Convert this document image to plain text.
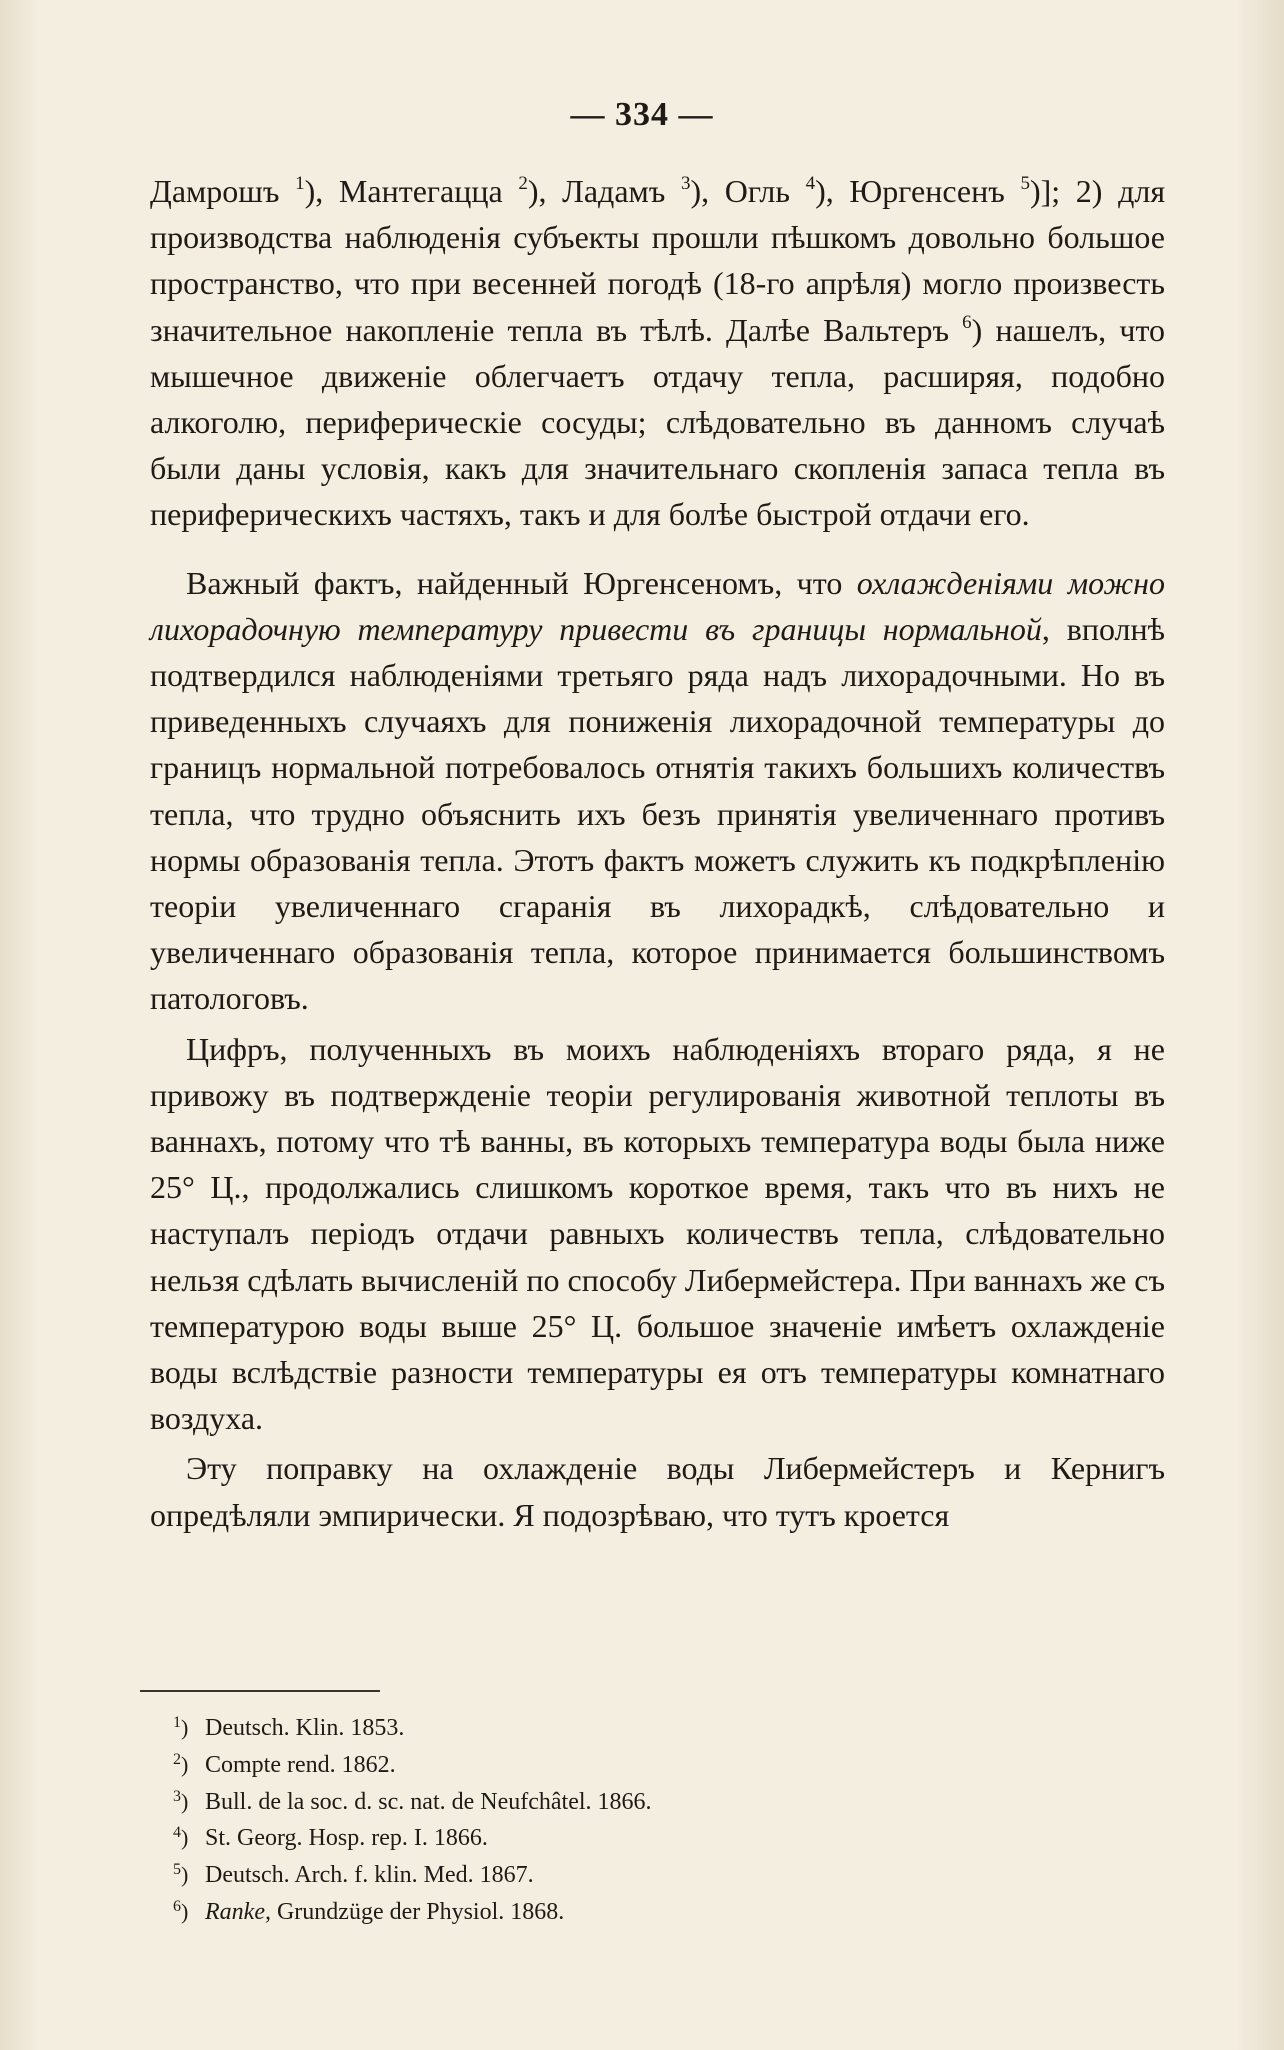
— 334 —

Дамрошъ $^1$), Мантегацца $^2$), Ладамъ $^3$), Огль $^4$), Юргенсенъ $^5$)]; 2) для производства наблюденія субъекты прошли пѣшкомъ довольно большое пространство, что при весенней погодѣ (18-го апрѣля) могло произвесть значительное накопленіе тепла въ тѣлѣ. Далѣе Вальтеръ $^6$) нашелъ, что мышечное движеніе облегчаетъ отдачу тепла, расширяя, подобно алкоголю, периферическіе сосуды; слѣдовательно въ данномъ случаѣ были даны условія, какъ для значительнаго скопленія запаса тепла въ периферическихъ частяхъ, такъ и для болѣе быстрой отдачи его.

Важный фактъ, найденный Юргенсеномъ, что охлажденіями можно лихорадочную температуру привести въ границы нормальной, вполнѣ подтвердился наблюденіями третьяго ряда надъ лихорадочными. Но въ приведенныхъ случаяхъ для пониженія лихорадочной температуры до границъ нормальной потребовалось отнятія такихъ большихъ количествъ тепла, что трудно объяснить ихъ безъ принятія увеличеннаго противъ нормы образованія тепла. Этотъ фактъ можетъ служить къ подкрѣпленію теоріи увеличеннаго сгаранія въ лихорадкѣ, слѣдовательно и увеличеннаго образованія тепла, которое принимается большинствомъ патологовъ.

Цифръ, полученныхъ въ моихъ наблюденіяхъ втораго ряда, я не привожу въ подтвержденіе теоріи регулированія животной теплоты въ ваннахъ, потому что тѣ ванны, въ которыхъ температура воды была ниже 25° Ц., продолжались слишкомъ короткое время, такъ что въ нихъ не наступалъ періодъ отдачи равныхъ количествъ тепла, слѣдовательно нельзя сдѣлать вычисленій по способу Либермейстера. При ваннахъ же съ температурою воды выше 25° Ц. большое значеніе имѣетъ охлажденіе воды вслѣдствіе разности температуры ея отъ температуры комнатнаго воздуха.

Эту поправку на охлажденіе воды Либермейстеръ и Кернигъ опредѣляли эмпирически. Я подозрѣваю, что тутъ кроется

$^1$) Deutsch. Klin. 1853.
$^2$) Compte rend. 1862.
$^3$) Bull. de la soc. d. sc. nat. de Neufchâtel. 1866.
$^4$) St. Georg. Hosp. rep. I. 1866.
$^5$) Deutsch. Arch. f. klin. Med. 1867.
$^6$) Ranke, Grundzüge der Physiol. 1868.
